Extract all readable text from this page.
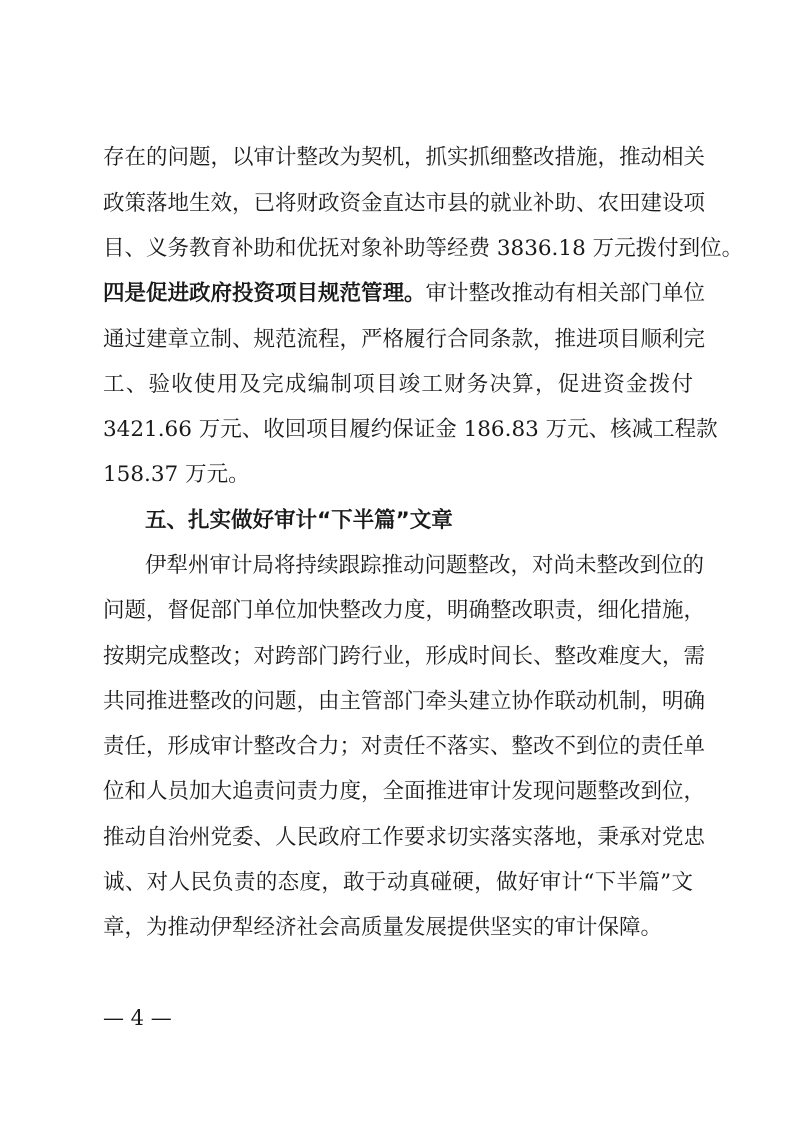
存在的问题，以审计整改为契机，抓实抓细整改措施，推动相关
政策落地生效，已将财政资金直达市县的就业补助、农田建设项
目、义务教育补助和优抚对象补助等经费 3836.18 万元拨付到位。
四是促进政府投资项目规范管理。审计整改推动有相关部门单位
通过建章立制、规范流程，严格履行合同条款，推进项目顺利完
工、验收使用及完成编制项目竣工财务决算，促进资金拨付
3421.66 万元、收回项目履约保证金 186.83 万元、核减工程款
158.37 万元。
五、扎实做好审计“下半篇”文章
伊犁州审计局将持续跟踪推动问题整改，对尚未整改到位的
问题，督促部门单位加快整改力度，明确整改职责，细化措施，
按期完成整改；对跨部门跨行业，形成时间长、整改难度大，需
共同推进整改的问题，由主管部门牵头建立协作联动机制，明确
责任，形成审计整改合力；对责任不落实、整改不到位的责任单
位和人员加大追责问责力度，全面推进审计发现问题整改到位，
推动自治州党委、人民政府工作要求切实落实落地，秉承对党忠
诚、对人民负责的态度，敢于动真碰硬，做好审计“下半篇”文
章，为推动伊犁经济社会高质量发展提供坚实的审计保障。
— 4 —
